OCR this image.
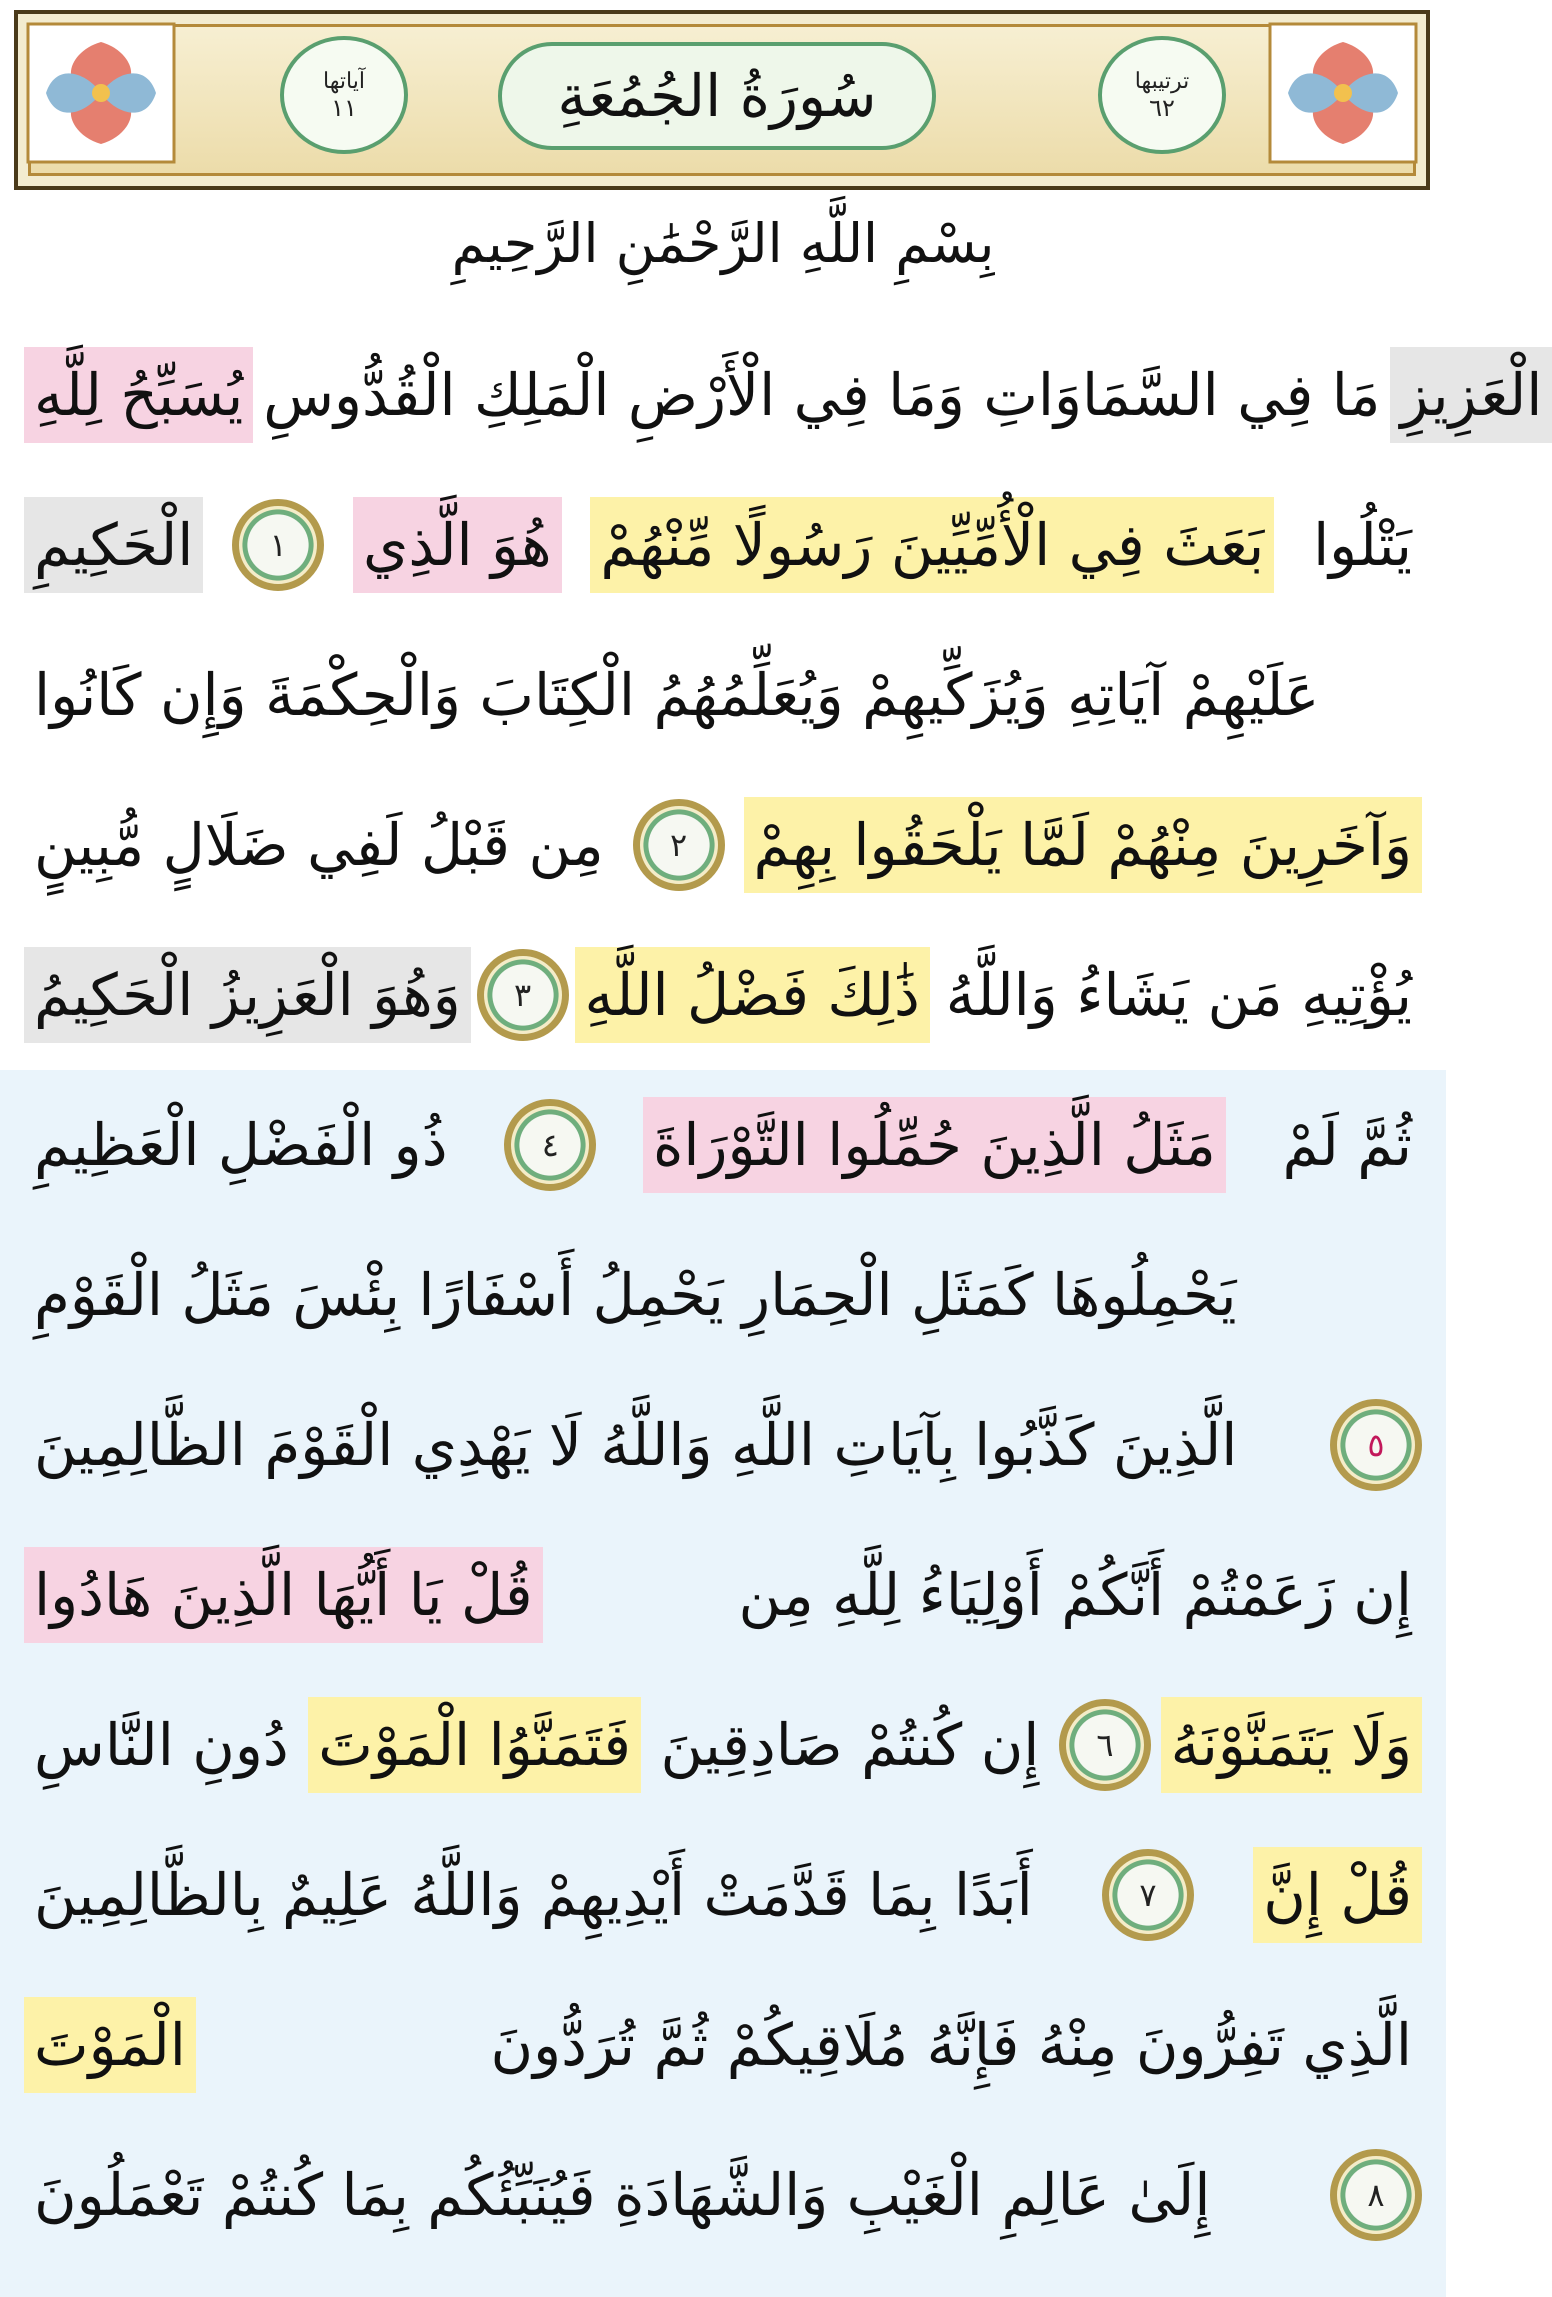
ترتيبها
٦٢
سُورَةُ الجُمُعَةِ
آياتها
١١
بِسْمِ اللَّهِ الرَّحْمَٰنِ الرَّحِيمِ
يُسَبِّحُ لِلَّهِ مَا فِي السَّمَاوَاتِ وَمَا فِي الْأَرْضِ الْمَلِكِ الْقُدُّوسِ الْعَزِيزِ
الْحَكِيمِ	١	هُوَ الَّذِي بَعَثَ فِي الْأُمِّيِّينَ رَسُولًا مِّنْهُمْ يَتْلُوا
عَلَيْهِمْ آيَاتِهِ وَيُزَكِّيهِمْ وَيُعَلِّمُهُمُ الْكِتَابَ وَالْحِكْمَةَ وَإِن كَانُوا
مِن قَبْلُ لَفِي ضَلَالٍ مُّبِينٍ	٢	وَآخَرِينَ مِنْهُمْ لَمَّا يَلْحَقُوا بِهِمْ
وَهُوَ الْعَزِيزُ الْحَكِيمُ	٣ ذَٰلِكَ فَضْلُ اللَّهِ يُؤْتِيهِ مَن يَشَاءُ وَاللَّهُ
ذُو الْفَضْلِ الْعَظِيمِ	٤	مَثَلُ الَّذِينَ حُمِّلُوا التَّوْرَاةَ ثُمَّ لَمْ
يَحْمِلُوهَا كَمَثَلِ الْحِمَارِ يَحْمِلُ أَسْفَارًا بِئْسَ مَثَلُ الْقَوْمِ
الَّذِينَ كَذَّبُوا بِآيَاتِ اللَّهِ وَاللَّهُ لَا يَهْدِي الْقَوْمَ الظَّالِمِينَ	٥
قُلْ يَا أَيُّهَا الَّذِينَ هَادُوا	إِن زَعَمْتُمْ أَنَّكُمْ أَوْلِيَاءُ لِلَّهِ مِن
دُونِ النَّاسِ فَتَمَنَّوُا الْمَوْتَ إِن كُنتُمْ صَادِقِينَ	٦ وَلَا يَتَمَنَّوْنَهُ
أَبَدًا بِمَا قَدَّمَتْ أَيْدِيهِمْ وَاللَّهُ عَلِيمٌ بِالظَّالِمِينَ	٧	قُلْ إِنَّ
الْمَوْتَ	الَّذِي تَفِرُّونَ مِنْهُ فَإِنَّهُ مُلَاقِيكُمْ ثُمَّ تُرَدُّونَ
إِلَىٰ عَالِمِ الْغَيْبِ وَالشَّهَادَةِ فَيُنَبِّئُكُم بِمَا كُنتُمْ تَعْمَلُونَ	٨
